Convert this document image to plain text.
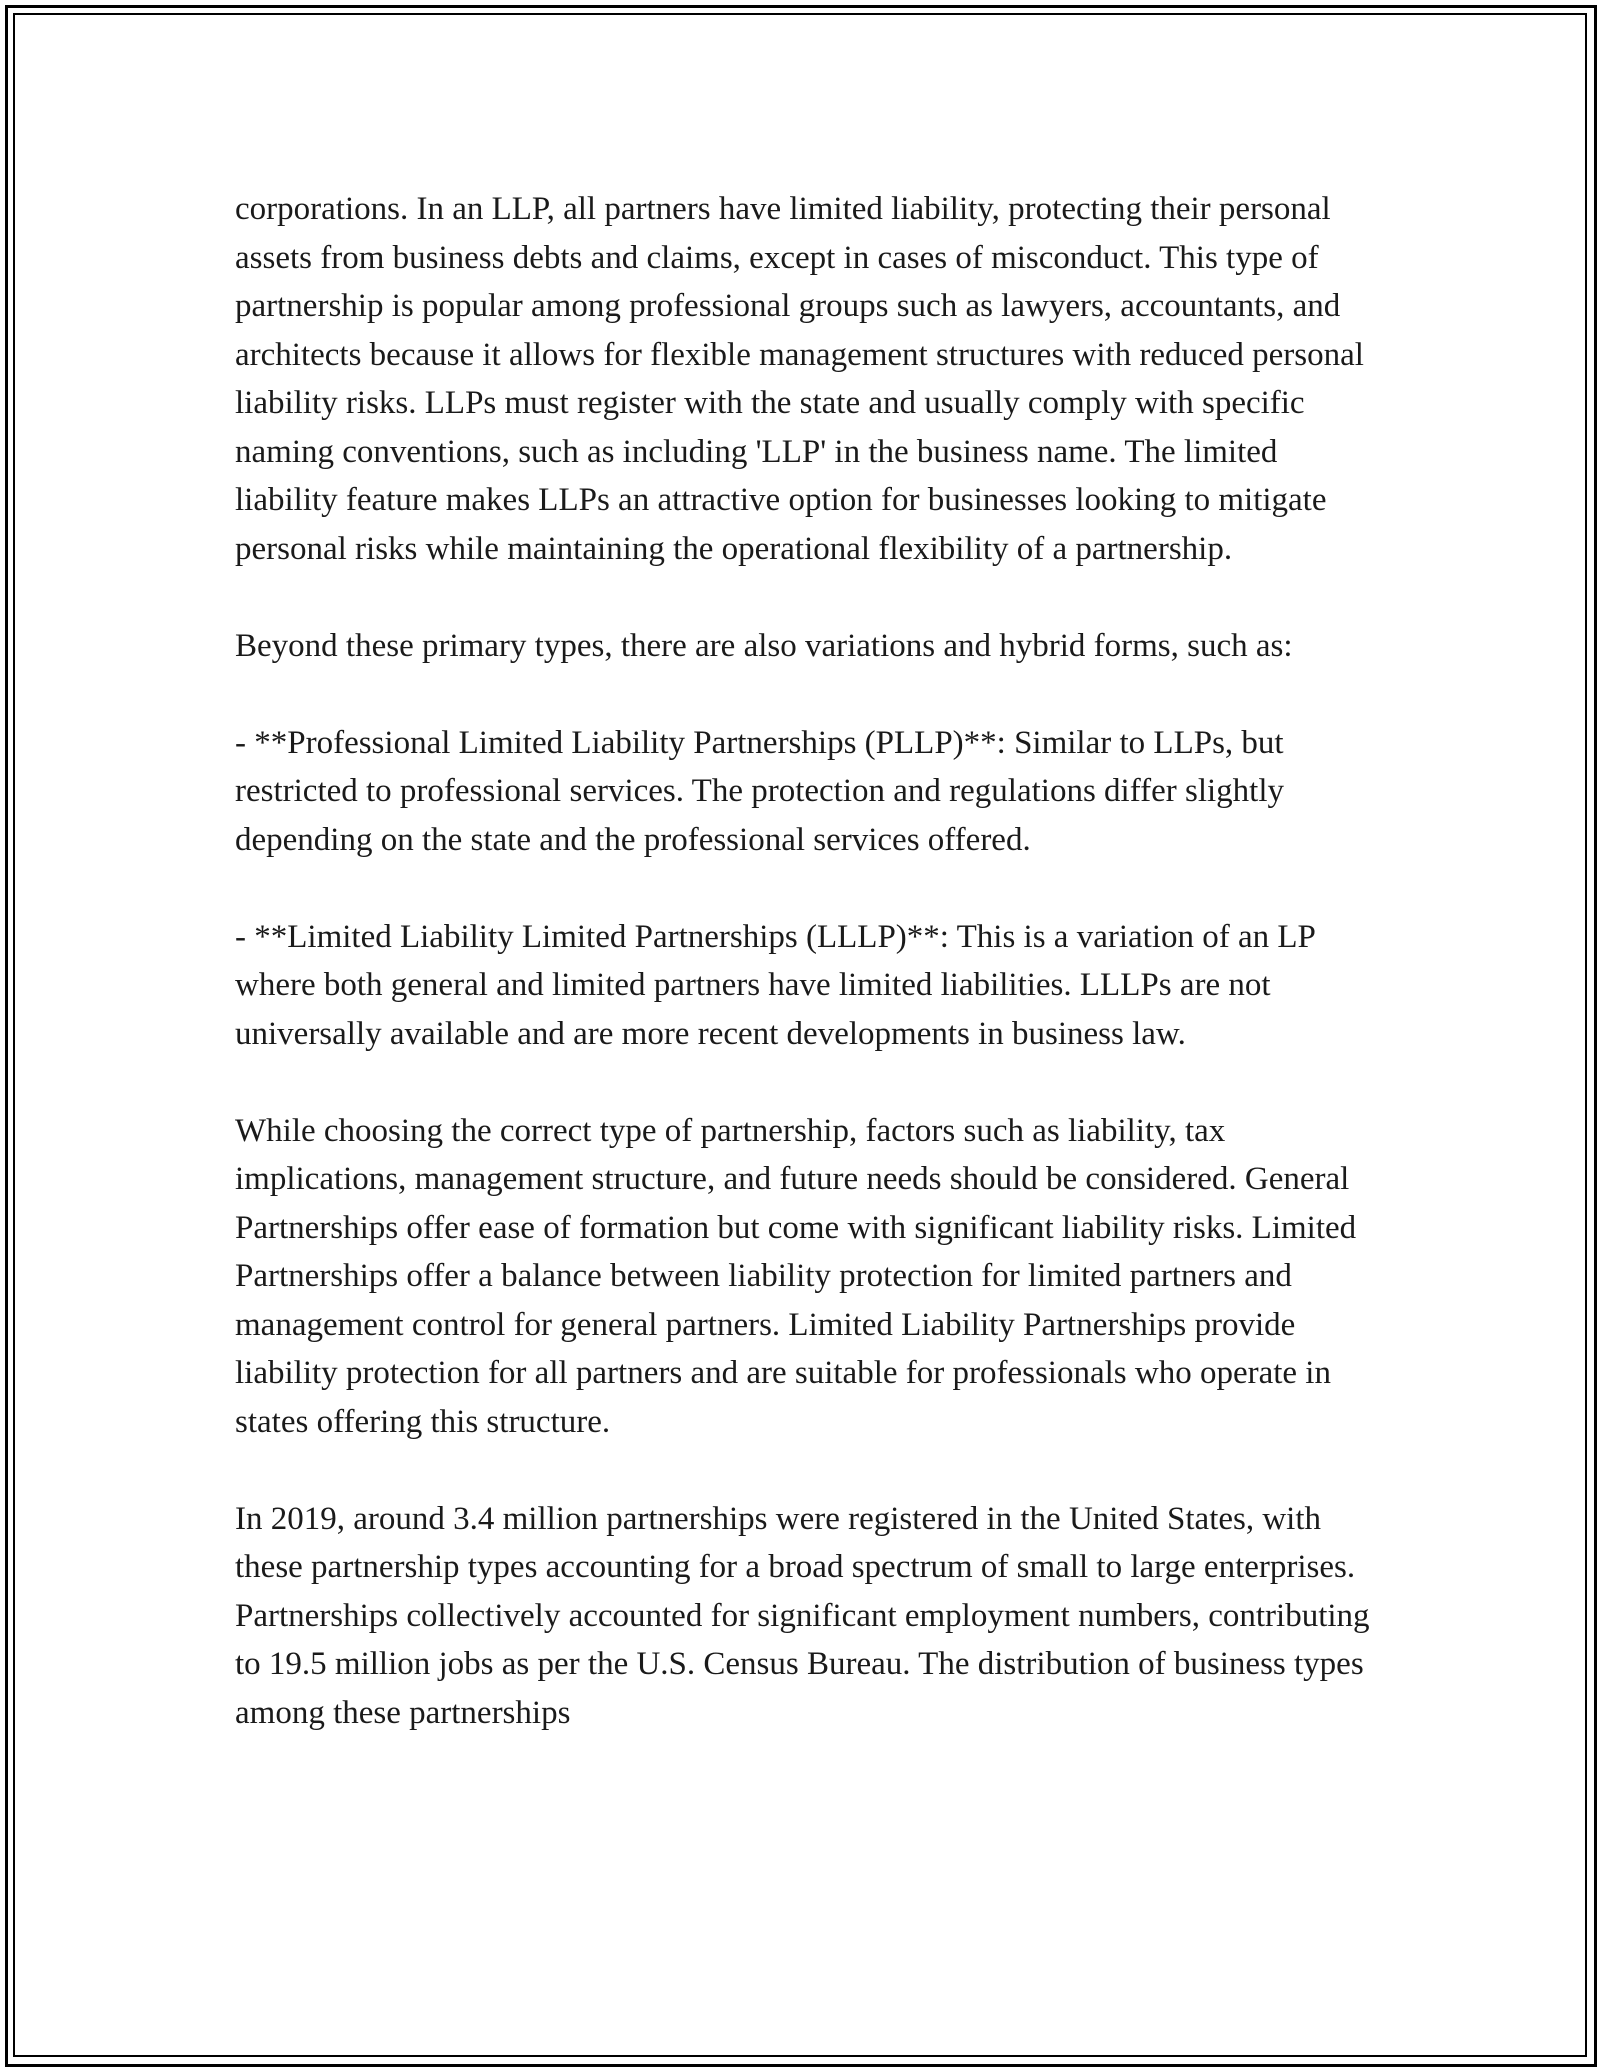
corporations. In an LLP, all partners have limited liability, protecting their personal assets from business debts and claims, except in cases of misconduct. This type of partnership is popular among professional groups such as lawyers, accountants, and architects because it allows for flexible management structures with reduced personal liability risks. LLPs must register with the state and usually comply with specific naming conventions, such as including 'LLP' in the business name. The limited liability feature makes LLPs an attractive option for businesses looking to mitigate personal risks while maintaining the operational flexibility of a partnership.

Beyond these primary types, there are also variations and hybrid forms, such as:

- **Professional Limited Liability Partnerships (PLLP)**: Similar to LLPs, but restricted to professional services. The protection and regulations differ slightly depending on the state and the professional services offered.

- **Limited Liability Limited Partnerships (LLLP)**: This is a variation of an LP where both general and limited partners have limited liabilities. LLLPs are not universally available and are more recent developments in business law.

While choosing the correct type of partnership, factors such as liability, tax implications, management structure, and future needs should be considered. General Partnerships offer ease of formation but come with significant liability risks. Limited Partnerships offer a balance between liability protection for limited partners and management control for general partners. Limited Liability Partnerships provide liability protection for all partners and are suitable for professionals who operate in states offering this structure.

In 2019, around 3.4 million partnerships were registered in the United States, with these partnership types accounting for a broad spectrum of small to large enterprises. Partnerships collectively accounted for significant employment numbers, contributing to 19.5 million jobs as per the U.S. Census Bureau. The distribution of business types among these partnerships
